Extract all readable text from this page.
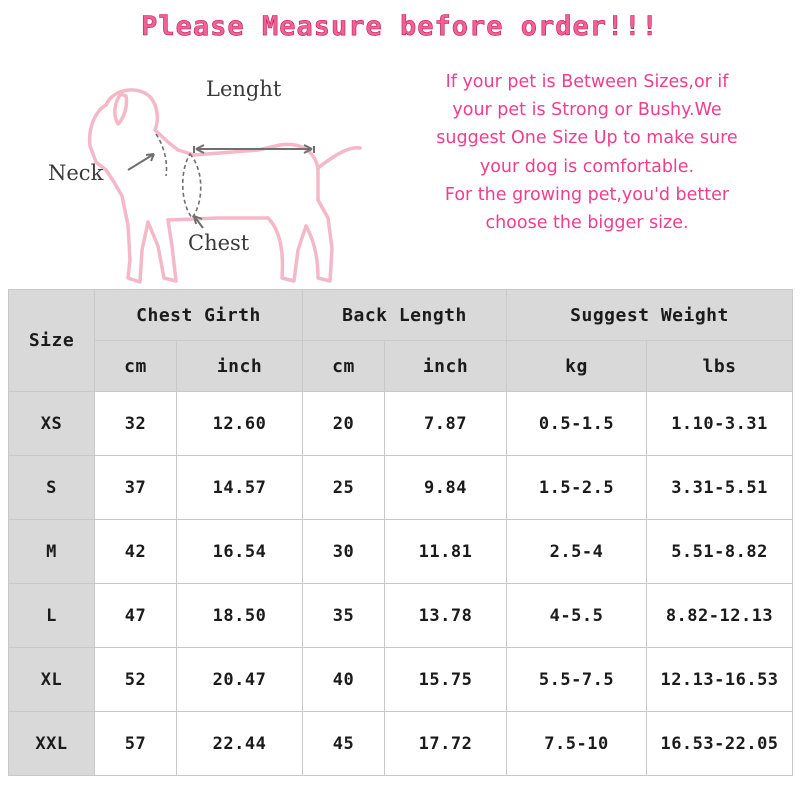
Please Measure before order!!!
Lenght
Neck
Chest
If your pet is Between Sizes,or if
your pet is Strong or Bushy.We
suggest One Size Up to make sure
your dog is comfortable.
For the growing pet,you'd better
choose the bigger size.
Size	Chest Girth		Back Length		Suggest Weight	
	cm	inch	cm	inch	kg	lbs
XS	32	12.60	20	7.87	0.5-1.5	1.10-3.31
S	37	14.57	25	9.84	1.5-2.5	3.31-5.51
M	42	16.54	30	11.81	2.5-4	5.51-8.82
L	47	18.50	35	13.78	4-5.5	8.82-12.13
XL	52	20.47	40	15.75	5.5-7.5	12.13-16.53
XXL	57	22.44	45	17.72	7.5-10	16.53-22.05
